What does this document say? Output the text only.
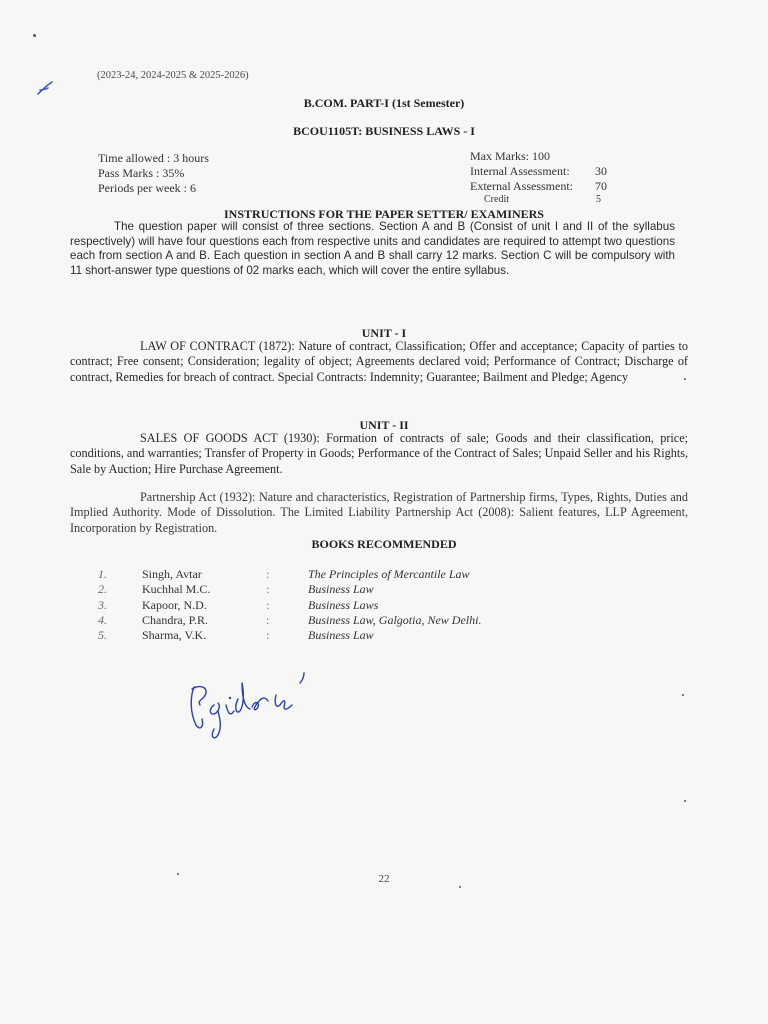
(2023-24, 2024-2025 & 2025-2026)
B.COM. PART-I (1st Semester)
BCOU1105T: BUSINESS LAWS - I
Time allowed : 3 hours
Pass Marks : 35%
Periods per week : 6
Max Marks: 100
Internal Assessment:	30
External Assessment:	70
Credit	5
INSTRUCTIONS FOR THE PAPER SETTER/ EXAMINERS
The question paper will consist of three sections. Section A and B (Consist of unit I and II of the syllabus respectively) will have four questions each from respective units and candidates are required to attempt two questions each from section A and B. Each question in section A and B shall carry 12 marks. Section C will be compulsory with 11 short-answer type questions of 02 marks each, which will cover the entire syllabus.
UNIT - I
LAW OF CONTRACT (1872): Nature of contract, Classification; Offer and acceptance; Capacity of parties to contract; Free consent; Consideration; legality of object; Agreements declared void; Performance of Contract; Discharge of contract, Remedies for breach of contract. Special Contracts: Indemnity; Guarantee; Bailment and Pledge; Agency
UNIT - II
SALES OF GOODS ACT (1930): Formation of contracts of sale; Goods and their classification, price; conditions, and warranties; Transfer of Property in Goods; Performance of the Contract of Sales; Unpaid Seller and his Rights, Sale by Auction; Hire Purchase Agreement.
Partnership Act (1932): Nature and characteristics, Registration of Partnership firms, Types, Rights, Duties and Implied Authority. Mode of Dissolution. The Limited Liability Partnership Act (2008): Salient features, LLP Agreement, Incorporation by Registration.
BOOKS RECOMMENDED
1.	Singh, Avtar	:	The Principles of Mercantile Law
2.	Kuchhal M.C.	:	Business Law
3.	Kapoor, N.D.	:	Business Laws
4.	Chandra, P.R.	:	Business Law, Galgotia, New Delhi.
5.	Sharma, V.K.	:	Business Law
22
